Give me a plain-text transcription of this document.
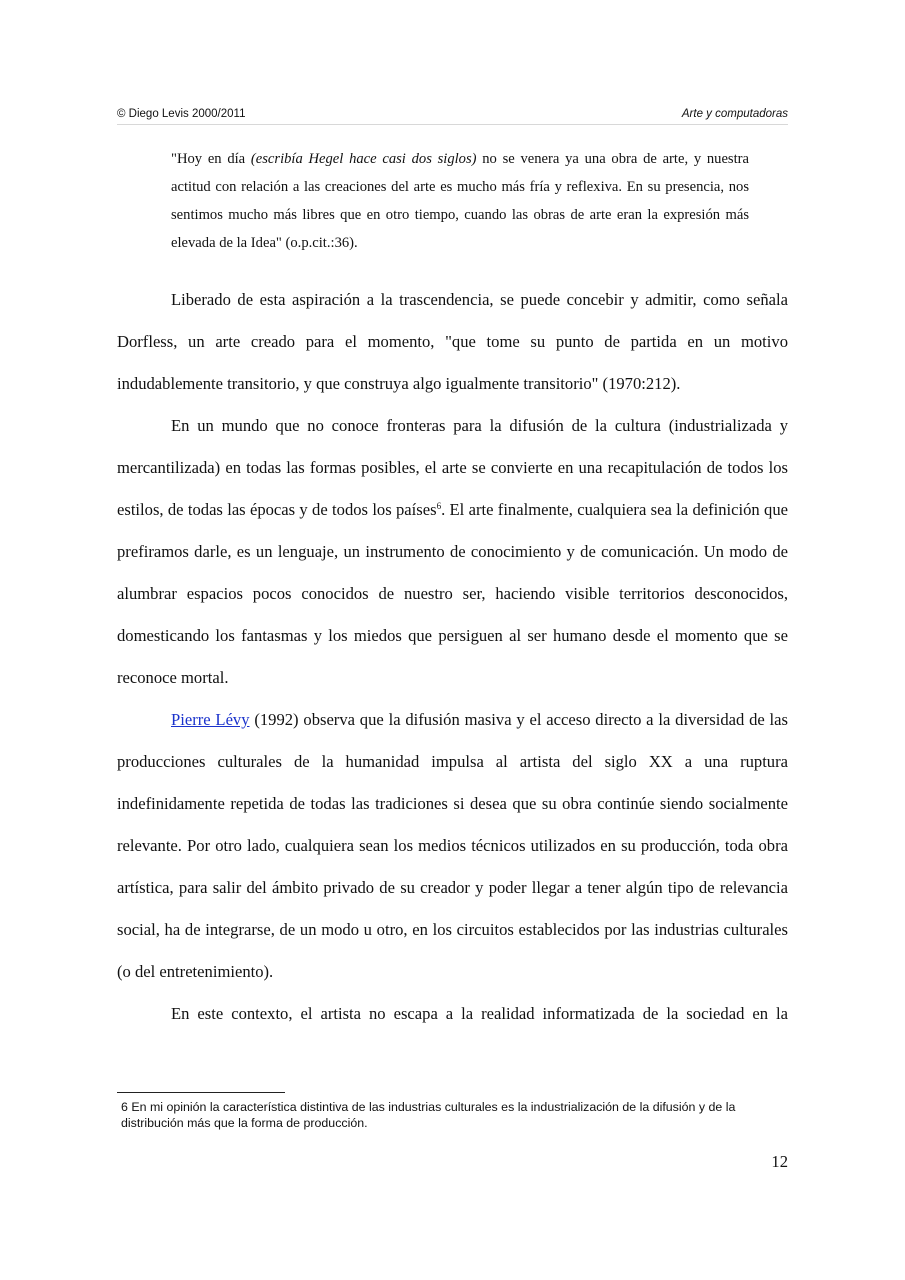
© Diego Levis 2000/2011	Arte y computadoras
"Hoy en día (escribía Hegel hace casi dos siglos) no se venera ya una obra de arte, y nuestra actitud con relación a las creaciones del arte es mucho más fría y reflexiva. En su presencia, nos sentimos mucho más libres que en otro tiempo, cuando las obras de arte eran la expresión más elevada de la Idea" (o.p.cit.:36).

Liberado de esta aspiración a la trascendencia, se puede concebir y admitir, como señala Dorfless, un arte creado para el momento, "que tome su punto de partida en un motivo indudablemente transitorio, y que construya algo igualmente transitorio" (1970:212).

En un mundo que no conoce fronteras para la difusión de la cultura (industrializada y mercantilizada) en todas las formas posibles, el arte se convierte en una recapitulación de todos los estilos, de todas las épocas y de todos los países$^6$. El arte finalmente, cualquiera sea la definición que prefiramos darle, es un lenguaje, un instrumento de conocimiento y de comunicación. Un modo de alumbrar espacios pocos conocidos de nuestro ser, haciendo visible territorios desconocidos, domesticando los fantasmas y los miedos que persiguen al ser humano desde el momento que se reconoce mortal.

Pierre Lévy (1992) observa que la difusión masiva y el acceso directo a la diversidad de las producciones culturales de la humanidad impulsa al artista del siglo XX a una ruptura indefinidamente repetida de todas las tradiciones si desea que su obra continúe siendo socialmente relevante. Por otro lado, cualquiera sean los medios técnicos utilizados en su producción, toda obra artística, para salir del ámbito privado de su creador y poder llegar a tener algún tipo de relevancia social, ha de integrarse, de un modo u otro, en los circuitos establecidos por las industrias culturales (o del entretenimiento).

En este contexto, el artista no escapa a la realidad informatizada de la sociedad en la

6 En mi opinión la característica distintiva de las industrias culturales es la industrialización de la difusión y de la distribución más que la forma de producción.
12
